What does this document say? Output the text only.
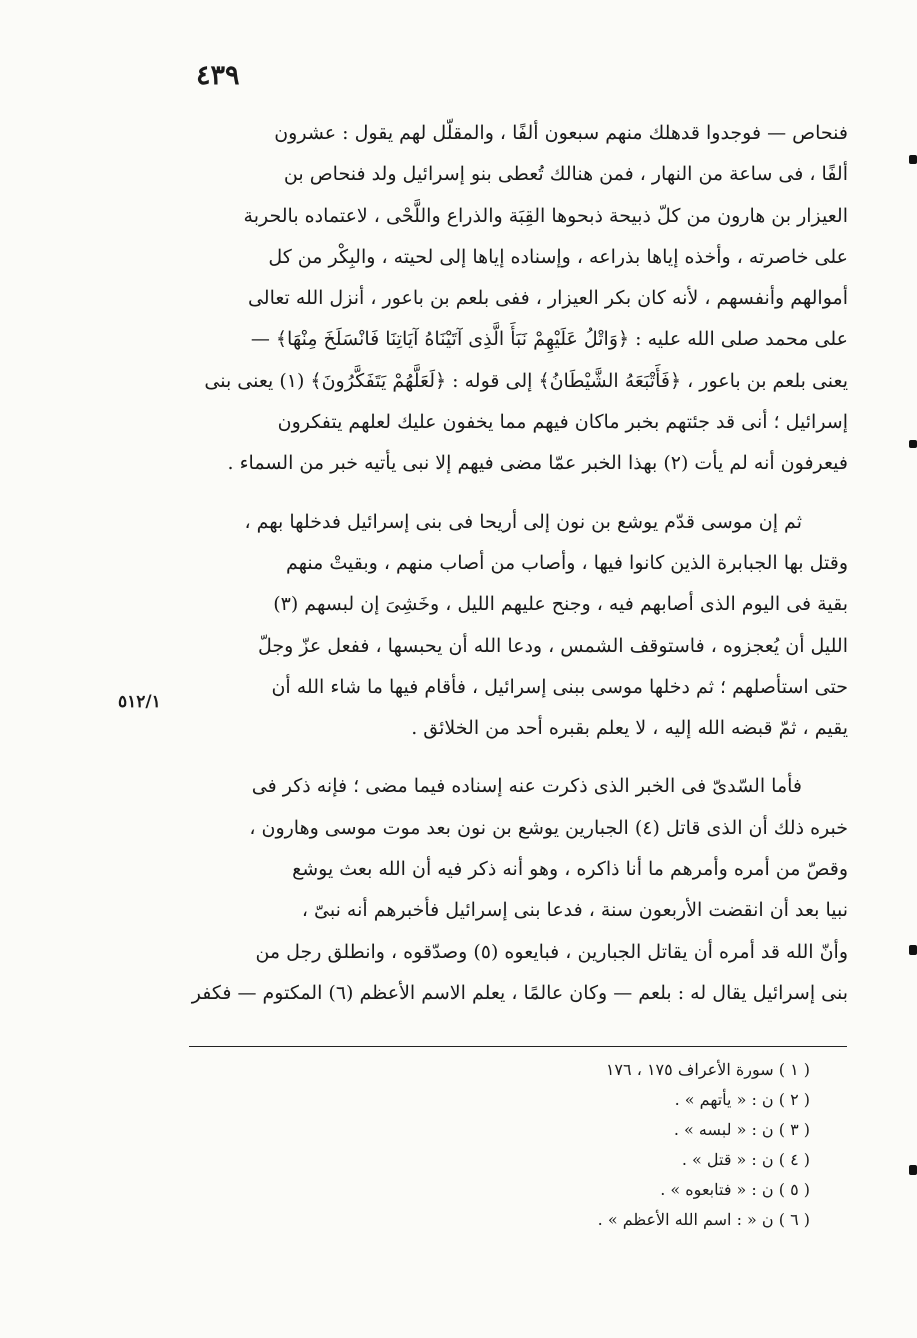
٤٣٩
فنحاص — فوجدوا قدهلك منهم سبعون ألفًا ، والمقلّل لهم يقول : عشرون
ألفًا ، فى ساعة من النهار ، فمن هنالك تُعطى بنو إسرائيل ولد فنحاص بن
العيزار بن هارون من كلّ ذبيحة ذبحوها القِبَة والذراع واللَّحْى ، لاعتماده بالحربة
على خاصرته ، وأخذه إياها بذراعه ، وإسناده إياها إلى لحيته ، والبِكْر من كل
أموالهم وأنفسهم ، لأنه كان بكر العيزار ، ففى بلعم بن باعور ، أنزل الله تعالى
على محمد صلى الله عليه : ﴿وَاتْلُ عَلَيْهِمْ نَبَأَ الَّذِى آتَيْنَاهُ آيَاتِنَا فَانْسَلَخَ مِنْهَا﴾ —
يعنى بلعم بن باعور ، ﴿فَأَتْبَعَهُ الشَّيْطَانُ﴾ إلى قوله : ﴿لَعَلَّهُمْ يَتَفَكَّرُونَ﴾ (١) يعنى بنى
إسرائيل ؛ أنى قد جئتهم بخبر ماكان فيهم مما يخفون عليك لعلهم يتفكرون
فيعرفون أنه لم يأت (٢) بهذا الخبر عمّا مضى فيهم إلا نبى يأتيه خبر من السماء .
ثم إن موسى قدّم يوشع بن نون إلى أريحا فى بنى إسرائيل فدخلها بهم ،
وقتل بها الجبابرة الذين كانوا فيها ، وأصاب من أصاب منهم ، وبقيتْ منهم
بقية فى اليوم الذى أصابهم فيه ، وجنح عليهم الليل ، وخَشِىَ إن لبسهم (٣)
الليل أن يُعجزوه ، فاستوقف الشمس ، ودعا الله أن يحبسها ، ففعل عزّ وجلّ
حتى استأصلهم ؛ ثم دخلها موسى ببنى إسرائيل ، فأقام فيها ما شاء الله أن
يقيم ، ثمّ قبضه الله إليه ، لا يعلم بقبره أحد من الخلائق .
فأما السّدىّ فى الخبر الذى ذكرت عنه إسناده فيما مضى ؛ فإنه ذكر فى
خبره ذلك أن الذى قاتل (٤) الجبارين يوشع بن نون بعد موت موسى وهارون ،
وقصّ من أمره وأمرهم ما أنا ذاكره ، وهو أنه ذكر فيه أن الله بعث يوشع
نبيا بعد أن انقضت الأربعون سنة ، فدعا بنى إسرائيل فأخبرهم أنه نبىّ ،
وأنّ الله قد أمره أن يقاتل الجبارين ، فبايعوه (٥) وصدّقوه ، وانطلق رجل من
بنى إسرائيل يقال له : بلعم — وكان عالمًا ، يعلم الاسم الأعظم (٦) المكتوم — فكفر
٥١٢/١
( ١ ) سورة الأعراف ١٧٥ ، ١٧٦
( ٢ ) ن : « يأتهم » .
( ٣ ) ن : « لبسه » .
( ٤ ) ن : « قتل » .
( ٥ ) ن : « فتابعوه » .
( ٦ ) ن « : اسم الله الأعظم » .
